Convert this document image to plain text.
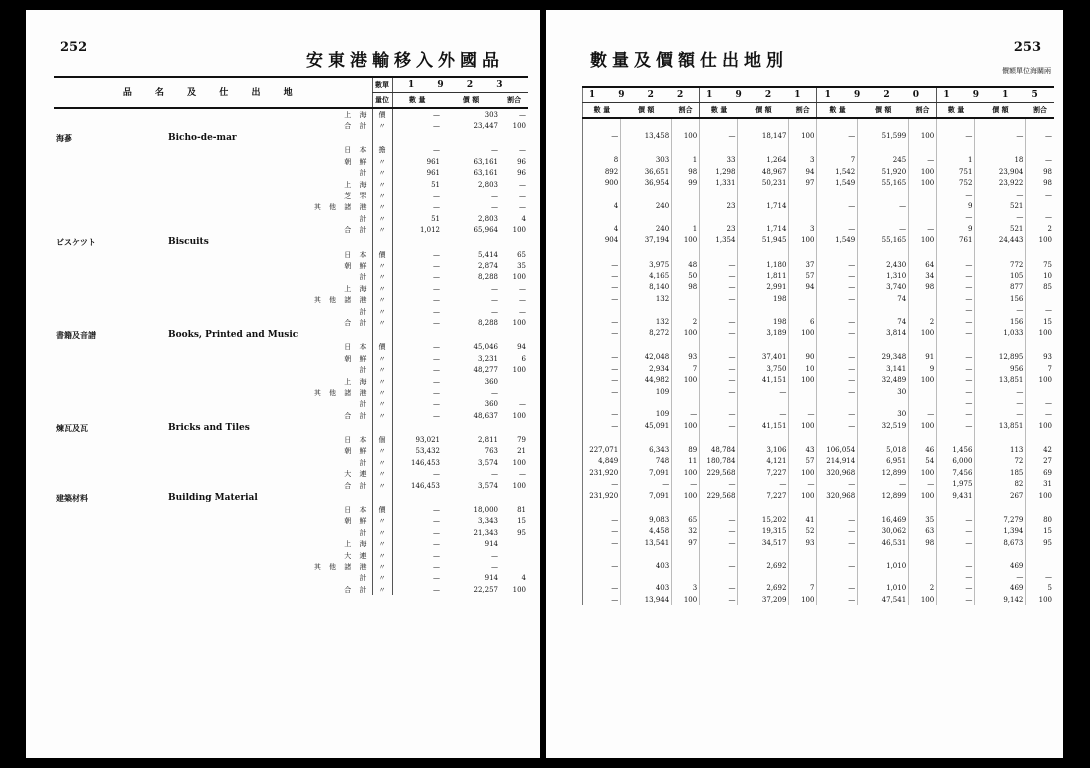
252
安東港輸移入外國品
品 名 及 仕 出 地			數單	1 9 2 3		
			量位	數 量	價 額	割合
		上 海	價	—	303	—
		合 計	〃	—	23,447	100
海蔘	Bicho-de-mar					
		日 本	擔	—	—	—
		朝 鮮	〃	961	63,161	96
		計	〃	961	63,161	96
		上 海	〃	51	2,803	—
		芝 罘	〃	—	—	—
		其 他 諸 港	〃	—	—	—
		計	〃	51	2,803	4
		合 計	〃	1,012	65,964	100
ビスケツト	Biscuits					
		日 本	價	—	5,414	65
		朝 鮮	〃	—	2,874	35
		計	〃	—	8,288	100
		上 海	〃	—	—	—
		其 他 諸 港	〃	—	—	—
		計	〃	—	—	—
		合 計	〃	—	8,288	100
書籍及音譜	Books, Printed and Music					
		日 本	價	—	45,046	94
		朝 鮮	〃	—	3,231	6
		計	〃	—	48,277	100
		上 海	〃	—	360	
		其 他 諸 港	〃	—	—	
		計	〃	—	360	—
		合 計	〃	—	48,637	100
煉瓦及瓦	Bricks and Tiles					
		日 本	個	93,021	2,811	79
		朝 鮮	〃	53,432	763	21
		計	〃	146,453	3,574	100
		大 連	〃	—	—	—
		合 計	〃	146,453	3,574	100
建築材料	Building Material					
		日 本	價	—	18,000	81
		朝 鮮	〃	—	3,343	15
		計	〃	—	21,343	95
		上 海	〃	—	914	
		大 連	〃	—	—	
		其 他 諸 港	〃	—	—	
		計	〃	—	914	4
		合 計	〃	—	22,257	100
253
數量及價額仕出地別	價額單位海關兩
1 9 2 2			1 9 2 1			1 9 2 0			1 9 1 5		
數 量	價 額	割合	數 量	價 額	割合	數 量	價 額	割合	數 量	價 額	割合

—	13,458	100	—	18,147	100	—	51,599	100	—	—	—

8	303	1	33	1,264	3	7	245	—	1	18	—
892	36,651	98	1,298	48,967	94	1,542	51,920	100	751	23,904	98
900	36,954	99	1,331	50,231	97	1,549	55,165	100	752	23,922	98
									—	—	—
4	240		23	1,714		—	—		9	521	
									—	—	—
4	240	1	23	1,714	3	—	—	—	9	521	2
904	37,194	100	1,354	51,945	100	1,549	55,165	100	761	24,443	100

—	3,975	48	—	1,180	37	—	2,430	64	—	772	75
—	4,165	50	—	1,811	57	—	1,310	34	—	105	10
—	8,140	98	—	2,991	94	—	3,740	98	—	877	85
—	132		—	198		—	74		—	156	
									—	—	—
—	132	2	—	198	6	—	74	2	—	156	15
—	8,272	100	—	3,189	100	—	3,814	100	—	1,033	100

—	42,048	93	—	37,401	90	—	29,348	91	—	12,895	93
—	2,934	7	—	3,750	10	—	3,141	9	—	956	7
—	44,982	100	—	41,151	100	—	32,489	100	—	13,851	100
—	109		—	—		—	30		—	—	
									—	—	—
—	109	—	—	—	—	—	30	—	—	—	—
—	45,091	100	—	41,151	100	—	32,519	100	—	13,851	100

227,071	6,343	89	48,784	3,106	43	106,054	5,018	46	1,456	113	42
4,849	748	11	180,784	4,121	57	214,914	6,951	54	6,000	72	27
231,920	7,091	100	229,568	7,227	100	320,968	12,899	100	7,456	185	69
—	—	—	—	—	—	—	—	—	1,975	82	31
231,920	7,091	100	229,568	7,227	100	320,968	12,899	100	9,431	267	100

—	9,083	65	—	15,202	41	—	16,469	35	—	7,279	80
—	4,458	32	—	19,315	52	—	30,062	63	—	1,394	15
—	13,541	97	—	34,517	93	—	46,531	98	—	8,673	95

—	403		—	2,692		—	1,010		—	469	
									—	—	—
—	403	3	—	2,692	7	—	1,010	2	—	469	5
—	13,944	100	—	37,209	100	—	47,541	100	—	9,142	100
